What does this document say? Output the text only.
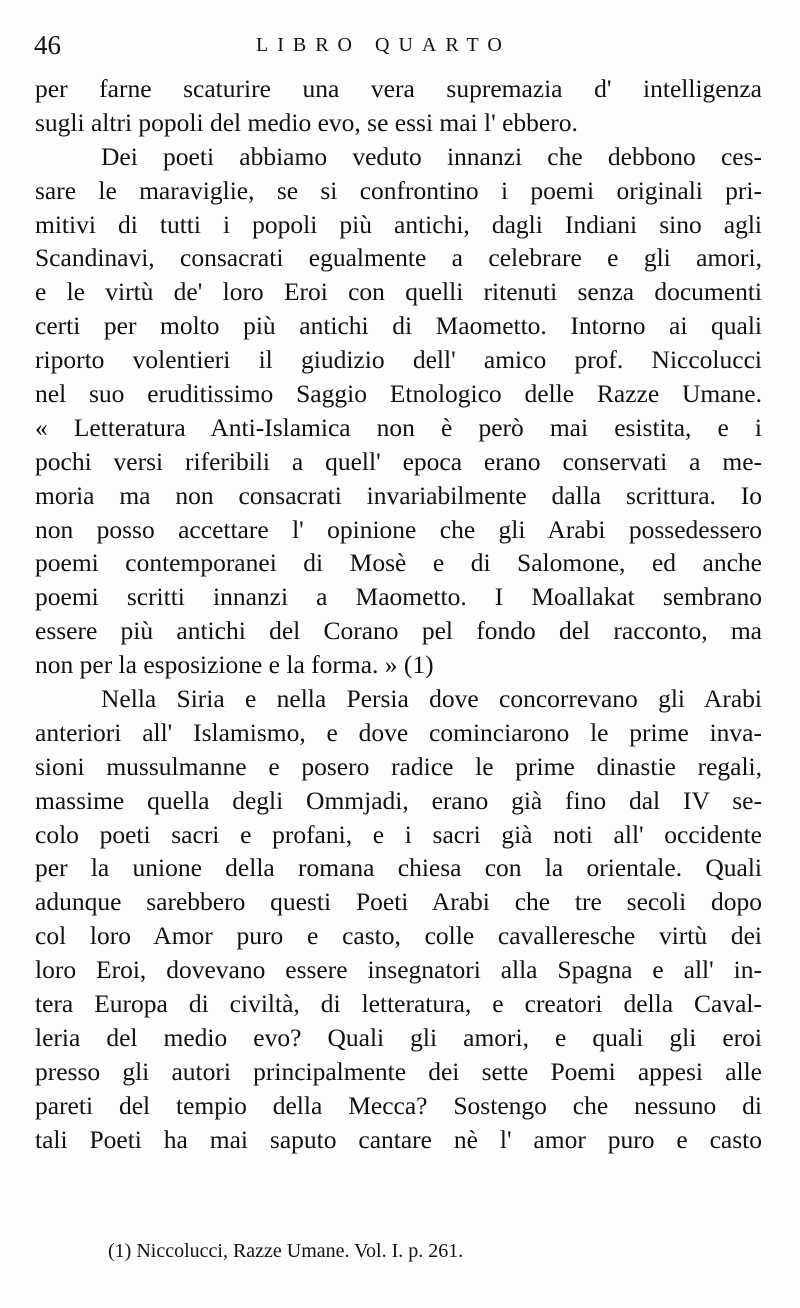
46	LIBRO QUARTO
per farne scaturire una vera supremazia d' intelligenza
sugli altri popoli del medio evo, se essi mai l' ebbero.
Dei poeti abbiamo veduto innanzi che debbono ces-
sare le maraviglie, se si confrontino i poemi originali pri-
mitivi di tutti i popoli più antichi, dagli Indiani sino agli
Scandinavi, consacrati egualmente a celebrare e gli amori,
e le virtù de' loro Eroi con quelli ritenuti senza documenti
certi per molto più antichi di Maometto. Intorno ai quali
riporto volentieri il giudizio dell' amico prof. Niccolucci
nel suo eruditissimo Saggio Etnologico delle Razze Umane.
« Letteratura Anti-Islamica non è però mai esistita, e i
pochi versi riferibili a quell' epoca erano conservati a me-
moria ma non consacrati invariabilmente dalla scrittura. Io
non posso accettare l' opinione che gli Arabi possedessero
poemi contemporanei di Mosè e di Salomone, ed anche
poemi scritti innanzi a Maometto. I Moallakat sembrano
essere più antichi del Corano pel fondo del racconto, ma
non per la esposizione e la forma. » (1)
Nella Siria e nella Persia dove concorrevano gli Arabi
anteriori all' Islamismo, e dove cominciarono le prime inva-
sioni mussulmanne e posero radice le prime dinastie regali,
massime quella degli Ommjadi, erano già fino dal IV se-
colo poeti sacri e profani, e i sacri già noti all' occidente
per la unione della romana chiesa con la orientale. Quali
adunque sarebbero questi Poeti Arabi che tre secoli dopo
col loro Amor puro e casto, colle cavalleresche virtù dei
loro Eroi, dovevano essere insegnatori alla Spagna e all' in-
tera Europa di civiltà, di letteratura, e creatori della Caval-
leria del medio evo? Quali gli amori, e quali gli eroi
presso gli autori principalmente dei sette Poemi appesi alle
pareti del tempio della Mecca? Sostengo che nessuno di
tali Poeti ha mai saputo cantare nè l' amor puro e casto
(1) Niccolucci, Razze Umane. Vol. I. p. 261.
